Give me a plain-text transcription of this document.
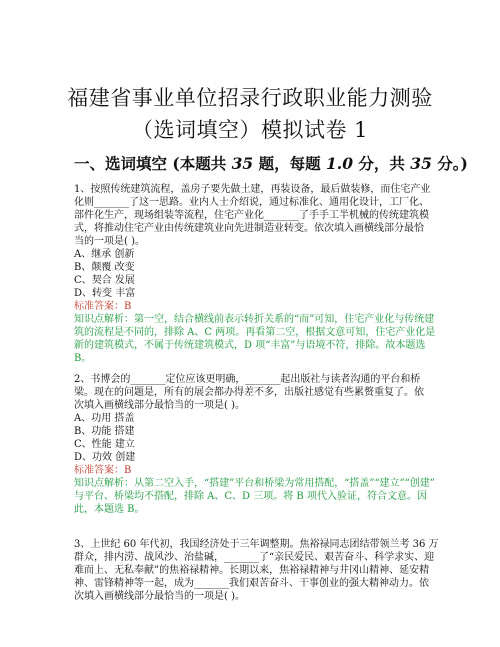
福建省事业单位招录行政职业能力测验
（选词填空）模拟试卷 1
一、选词填空 (本题共 35 题，每题 1.0 分，共 35 分。)
1、按照传统建筑流程，盖房子要先做土建，再装设备，最后做装修，而住宅产业
化则_______了这一思路。业内人士介绍说，通过标准化、通用化设计，工厂化、
部件化生产，现场组装等流程，住宅产业化_______了手手工半机械的传统建筑模
式，将推动住宅产业由传统建筑业向先进制造业转变。依次填入画横线部分最恰
当的一项是( )。
A、继承 创新
B、颠覆 改变
C、契合 发展
D、转变 丰富
标准答案：B
知识点解析：第一空，结合横线前表示转折关系的“而”可知，住宅产业化与传统建
筑的流程是不同的，排除 A、C 两项。再看第二空，根据文意可知，住宅产业化是
新的建筑模式，不属于传统建筑模式，D 项“丰富”与语境不符，排除。故本题选
B。
2、书博会的_______定位应该更明确，_______起出版社与读者沟通的平台和桥
梁。现在的问题是，所有的展会都办得差不多，出版社感觉有些累赘重复了。依
次填入画横线部分最恰当的一项是( )。
A、功用 搭盖
B、功能 搭建
C、性能 建立
D、功效 创建
标准答案：B
知识点解析：从第二空入手，“搭建”平台和桥梁为常用搭配，“搭盖”“建立”“创建”
与平台、桥梁均不搭配，排除 A、C、D 三项。将 B 项代入验证，符合文意。因
此，本题选 B。
3、上世纪 60 年代初，我国经济处于三年调整期。焦裕禄同志团结带领兰考 36 万
群众，排内涝、战风沙、治盐碱，_______了“亲民爱民、艰苦奋斗、科学求实、迎
难而上、无私奉献”的焦裕禄精神。长期以来，焦裕禄精神与井冈山精神、延安精
神、雷锋精神等一起，成为_______我们艰苦奋斗、干事创业的强大精神动力。依
次填入画横线部分最恰当的一项是( )。
